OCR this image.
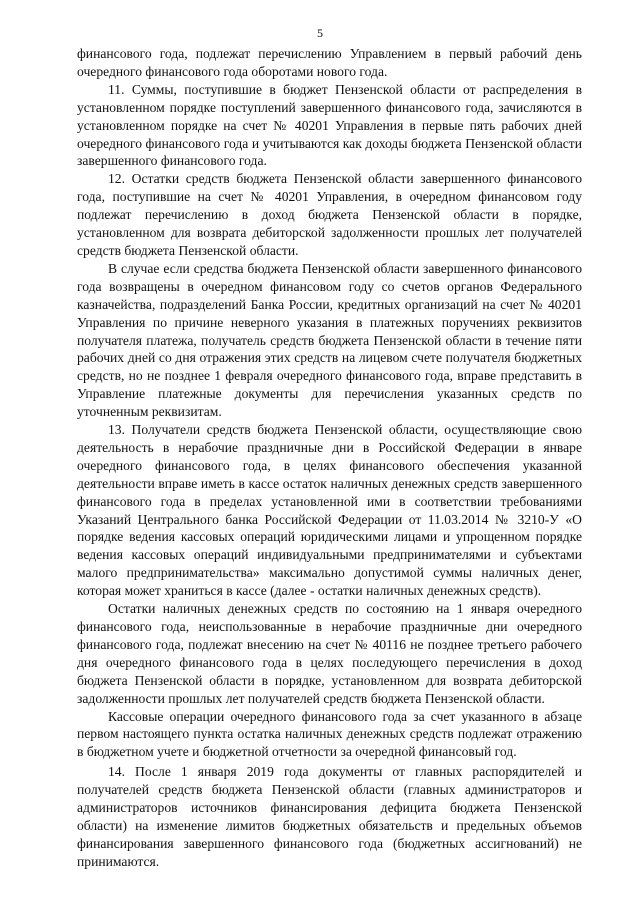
5

финансового года, подлежат перечислению Управлением в первый рабочий день очередного финансового года оборотами нового года.

11. Суммы, поступившие в бюджет Пензенской области от распределения в установленном порядке поступлений завершенного финансового года, зачисляются в установленном порядке на счет № 40201 Управления в первые пять рабочих дней очередного финансового года и учитываются как доходы бюджета Пензенской области завершенного финансового года.

12. Остатки средств бюджета Пензенской области завершенного финансового года, поступившие на счет № 40201 Управления, в очередном финансовом году подлежат перечислению в доход бюджета Пензенской области в порядке, установленном для возврата дебиторской задолженности прошлых лет получателей средств бюджета Пензенской области.

В случае если средства бюджета Пензенской области завершенного финансового года возвращены в очередном финансовом году со счетов органов Федерального казначейства, подразделений Банка России, кредитных организаций на счет № 40201 Управления по причине неверного указания в платежных поручениях реквизитов получателя платежа, получатель средств бюджета Пензенской области в течение пяти рабочих дней со дня отражения этих средств на лицевом счете получателя бюджетных средств, но не позднее 1 февраля очередного финансового года, вправе представить в Управление платежные документы для перечисления указанных средств по уточненным реквизитам.

13. Получатели средств бюджета Пензенской области, осуществляющие свою деятельность в нерабочие праздничные дни в Российской Федерации в январе очередного финансового года, в целях финансового обеспечения указанной деятельности вправе иметь в кассе остаток наличных денежных средств завершенного финансового года в пределах установленной ими в соответствии требованиями Указаний Центрального банка Российской Федерации от 11.03.2014 № 3210-У «О порядке ведения кассовых операций юридическими лицами и упрощенном порядке ведения кассовых операций индивидуальными предпринимателями и субъектами малого предпринимательства» максимально допустимой суммы наличных денег, которая может храниться в кассе (далее - остатки наличных денежных средств).

Остатки наличных денежных средств по состоянию на 1 января очередного финансового года, неиспользованные в нерабочие праздничные дни очередного финансового года, подлежат внесению на счет № 40116 не позднее третьего рабочего дня очередного финансового года в целях последующего перечисления в доход бюджета Пензенской области в порядке, установленном для возврата дебиторской задолженности прошлых лет получателей средств бюджета Пензенской области.

Кассовые операции очередного финансового года за счет указанного в абзаце первом настоящего пункта остатка наличных денежных средств подлежат отражению в бюджетном учете и бюджетной отчетности за очередной финансовый год.

14. После 1 января 2019 года документы от главных распорядителей и получателей средств бюджета Пензенской области (главных администраторов и администраторов источников финансирования дефицита бюджета Пензенской области) на изменение лимитов бюджетных обязательств и предельных объемов финансирования завершенного финансового года (бюджетных ассигнований) не принимаются.
